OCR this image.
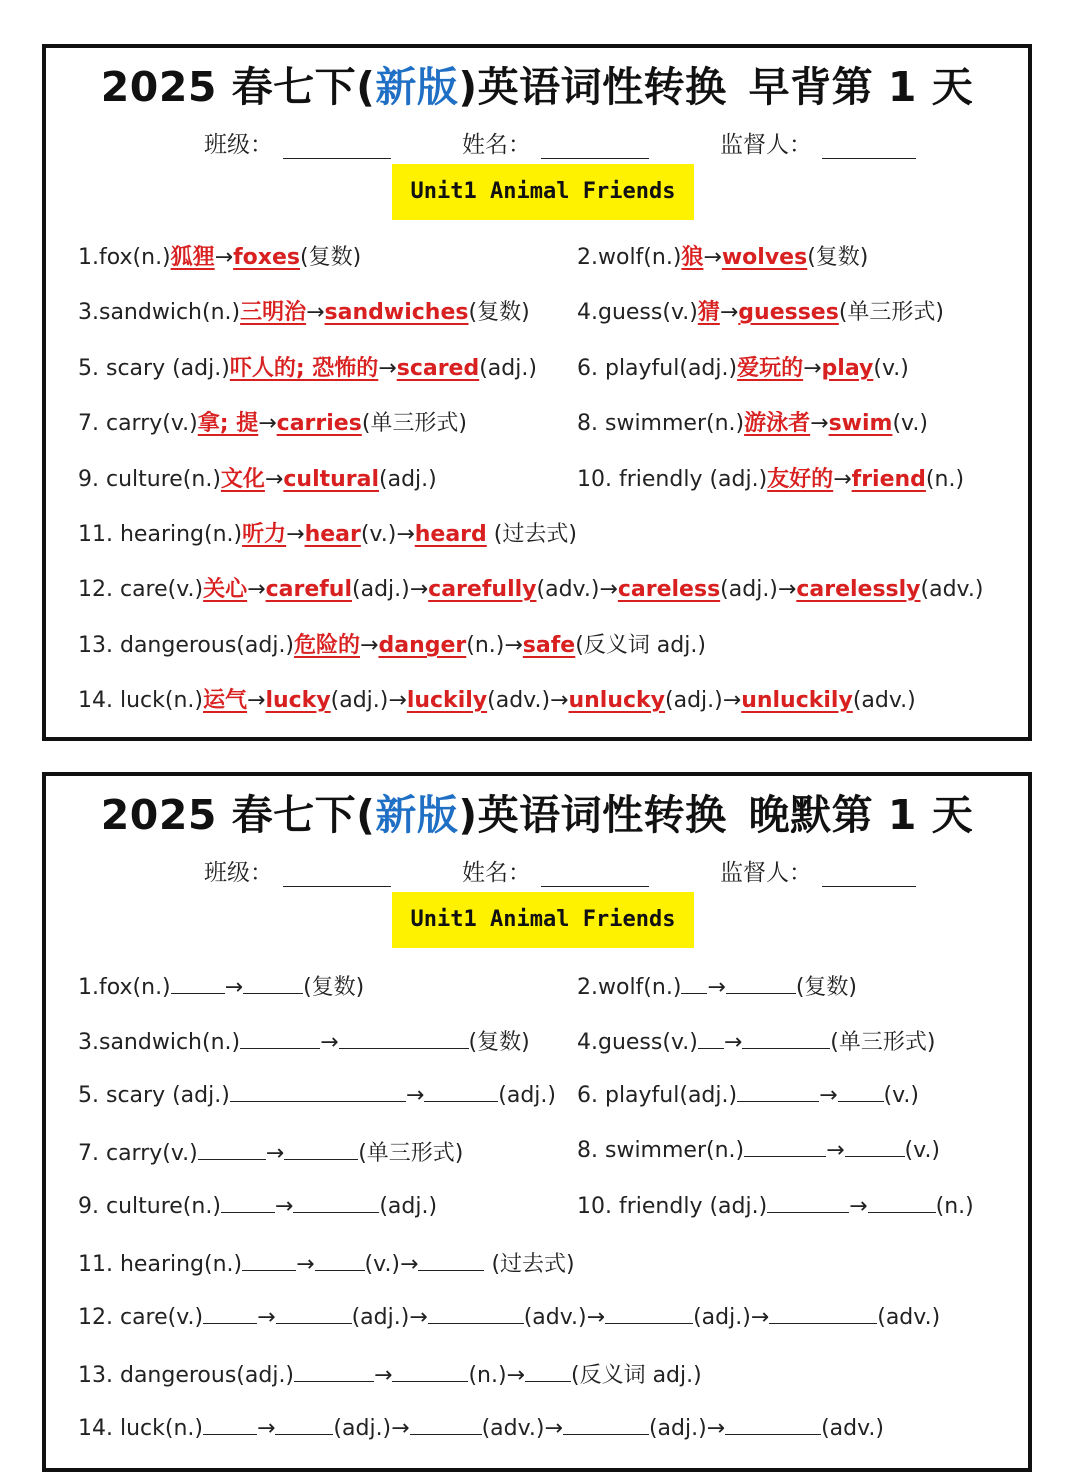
2025 春七下(新版)英语词性转换 早背第 1 天
班级：	姓名：	监督人：
Unit1 Animal Friends
1.fox(n.)狐狸→foxes(复数)	2.wolf(n.)狼→wolves(复数)
3.sandwich(n.)三明治→sandwiches(复数) 4.guess(v.)猜→guesses(单三形式)
5. scary (adj.)吓人的; 恐怖的→scared(adj.) 6. playful(adj.)爱玩的→play(v.)
7. carry(v.)拿; 提→carries(单三形式)	8. swimmer(n.)游泳者→swim(v.)
9. culture(n.)文化→cultural(adj.)	10. friendly (adj.)友好的→friend(n.)
11. hearing(n.)听力→hear(v.)→heard (过去式)
12. care(v.)关心→careful(adj.)→carefully(adv.)→careless(adj.)→carelessly(adv.)
13. dangerous(adj.)危险的→danger(n.)→safe(反义词 adj.)
14. luck(n.)运气→lucky(adj.)→luckily(adv.)→unlucky(adj.)→unluckily(adv.)
2025 春七下(新版)英语词性转换 晚默第 1 天
班级：	姓名：	监督人：
Unit1 Animal Friends
1.fox(n.) →	(复数)	2.wolf(n.) →	(复数)
3.sandwich(n.)	→	(复数) 4.guess(v.) →	(单三形式)
5. scary (adj.)	→	(adj.) 6. playful(adj.)	→ (v.)
7. carry(v.)	→	(单三形式)	8. swimmer(n.)	→	(v.)
9. culture(n.) →	(adj.)	10. friendly (adj.)	→	(n.)
11. hearing(n.) → (v.)→	(过去式)
12. care(v.) →	(adj.)→	(adv.)→	(adj.)→	(adv.)
13. dangerous(adj.)	→	(n.)→ (反义词 adj.)
14. luck(n.) →	(adj.)→	(adv.)→	(adj.)→	(adv.)
